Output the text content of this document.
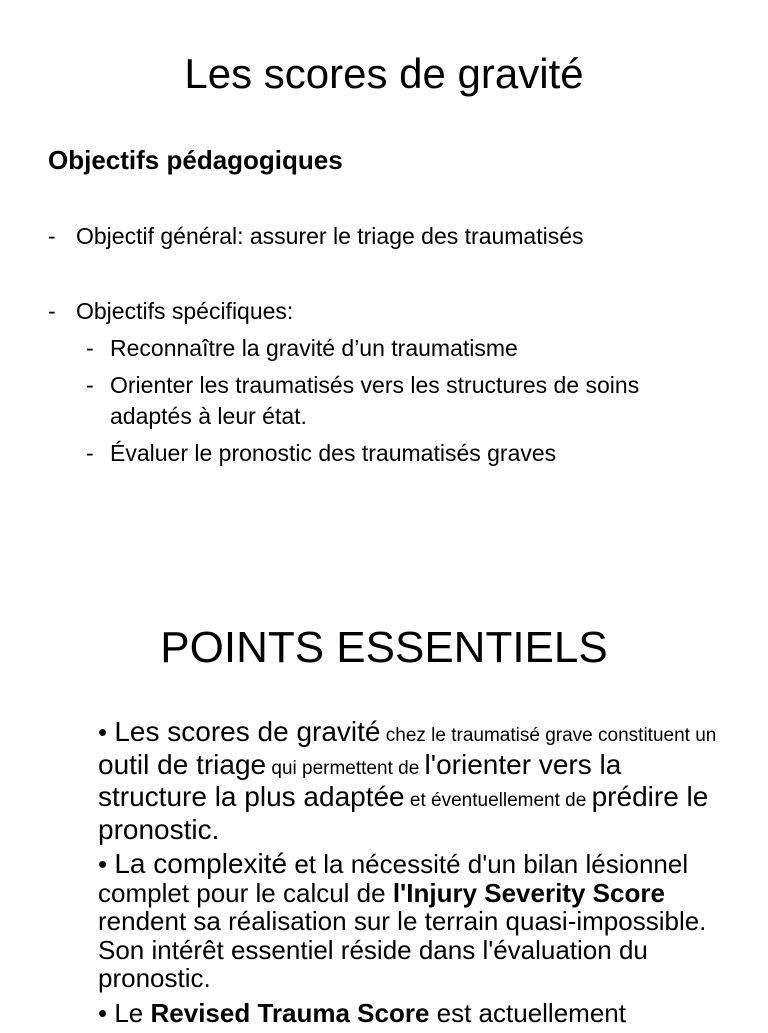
Les scores de gravité
Objectifs pédagogiques
- Objectif général: assurer le triage des traumatisés
- Objectifs spécifiques:
- Reconnaître la gravité d’un traumatisme
- Orienter les traumatisés vers les structures de soins adaptés à leur état.
- Évaluer le pronostic des traumatisés graves
POINTS ESSENTIELS

• Les scores de gravité chez le traumatisé grave constituent un outil de triage qui permettent de l'orienter vers la structure la plus adaptée et éventuellement de prédire le pronostic.

• La complexité et la nécessité d'un bilan lésionnel complet pour le calcul de l'Injury Severity Score rendent sa réalisation sur le terrain quasi-impossible. Son intérêt essentiel réside dans l'évaluation du pronostic.

• Le Revised Trauma Score est actuellement
